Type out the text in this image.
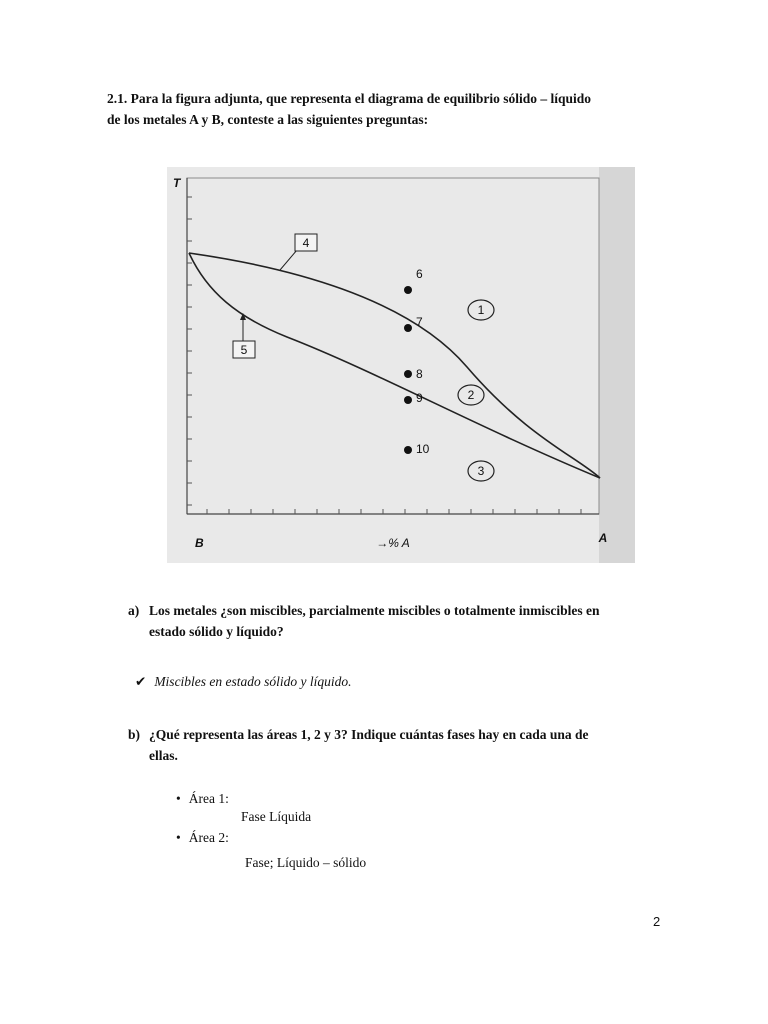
2.1. Para la figura adjunta, que representa el diagrama de equilibrio sólido – líquido
de los metales A y B, conteste a las siguientes preguntas:
4
5
6
7
8
9
10
1
2
3
T
B	→% A	A
a) Los metales ¿son miscibles, parcialmente miscibles o totalmente inmiscibles en
estado sólido y líquido?
✔ Miscibles en estado sólido y líquido.
b) ¿Qué representa las áreas 1, 2 y 3? Indique cuántas fases hay en cada una de
ellas.
• Área 1:
Fase Líquida
• Área 2:
Fase; Líquido – sólido
2
